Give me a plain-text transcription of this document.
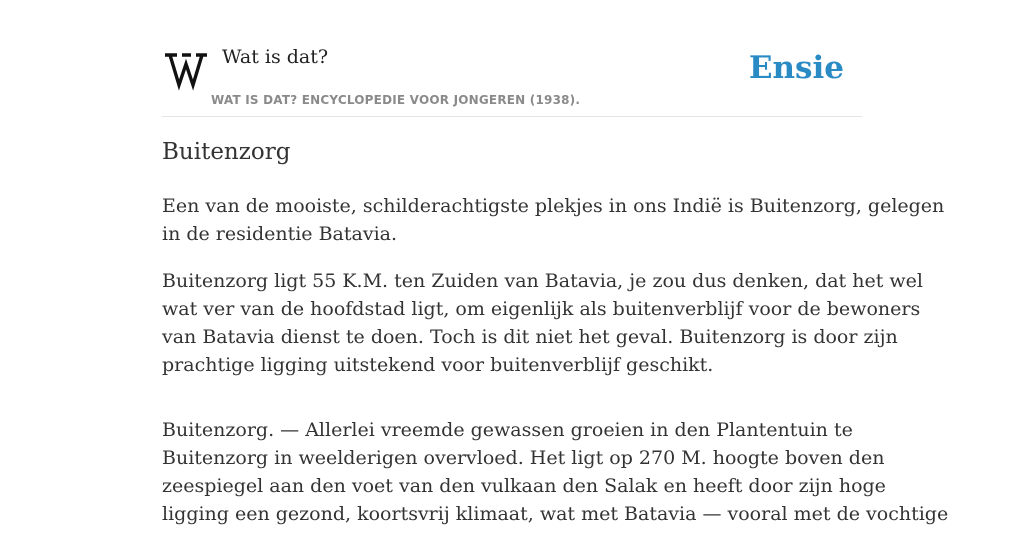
Wat is dat?
WAT IS DAT? ENCYCLOPEDIE VOOR JONGEREN (1938).
Ensie
Buitenzorg

Een van de mooiste, schilderachtigste plekjes in ons Indië is Buitenzorg, gelegen
in de residentie Batavia.

Buitenzorg ligt 55 K.M. ten Zuiden van Batavia, je zou dus denken, dat het wel
wat ver van de hoofdstad ligt, om eigenlijk als buitenverblijf voor de bewoners
van Batavia dienst te doen. Toch is dit niet het geval. Buitenzorg is door zijn
prachtige ligging uitstekend voor buitenverblijf geschikt.

Buitenzorg. — Allerlei vreemde gewassen groeien in den Plantentuin te
Buitenzorg in weelderigen overvloed. Het ligt op 270 M. hoogte boven den
zeespiegel aan den voet van den vulkaan den Salak en heeft door zijn hoge
ligging een gezond, koortsvrij klimaat, wat met Batavia — vooral met de vochtige
